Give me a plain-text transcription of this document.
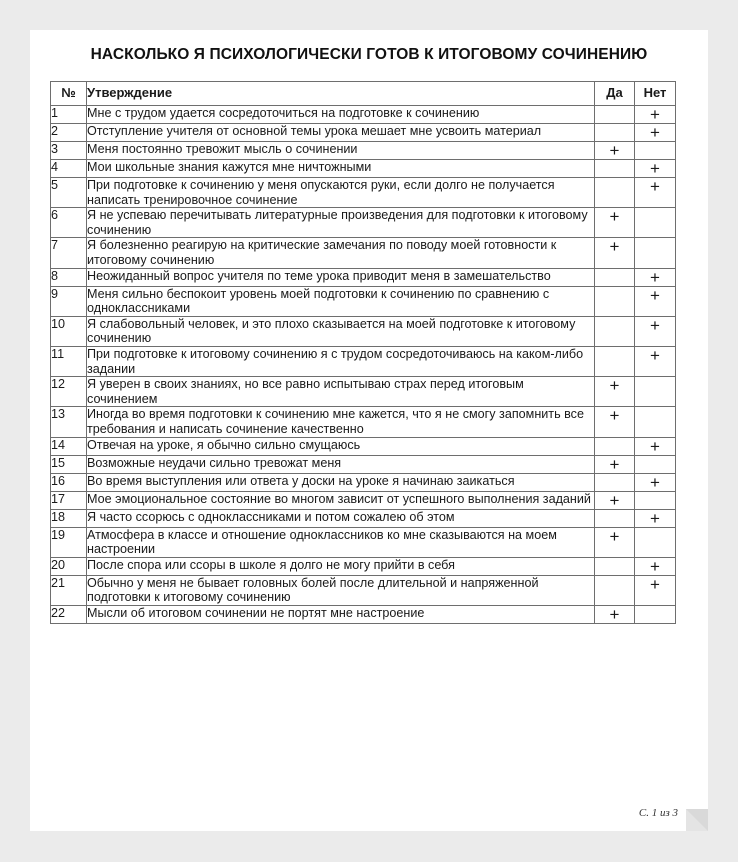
НАСКОЛЬКО Я ПСИХОЛОГИЧЕСКИ ГОТОВ К ИТОГОВОМУ СОЧИНЕНИЮ
№	Утверждение	Да	Нет
1	Мне с трудом удается сосредоточиться на подготовке к сочинению		+
2	Отступление учителя от основной темы урока мешает мне усвоить материал		+
3	Меня постоянно тревожит мысль о сочинении	+	
4	Мои школьные знания кажутся мне ничтожными		+
5	При подготовке к сочинению у меня опускаются руки, если долго не получается написать тренировочное сочинение		+
6	Я не успеваю перечитывать литературные произведения для подготовки к итоговому сочинению	+	
7	Я болезненно реагирую на критические замечания по поводу моей готовности к итоговому сочинению	+	
8	Неожиданный вопрос учителя по теме урока приводит меня в замешательство		+
9	Меня сильно беспокоит уровень моей подготовки к сочинению по сравнению с одноклассниками		+
10	Я слабовольный человек, и это плохо сказывается на моей подготовке к итоговому сочинению		+
11	При подготовке к итоговому сочинению я с трудом сосредоточиваюсь на каком-либо задании		+
12	Я уверен в своих знаниях, но все равно испытываю страх перед итоговым сочинением	+	
13	Иногда во время подготовки к сочинению мне кажется, что я не смогу запомнить все требования и написать сочинение качественно	+	
14	Отвечая на уроке, я обычно сильно смущаюсь		+
15	Возможные неудачи сильно тревожат меня	+	
16	Во время выступления или ответа у доски на уроке я начинаю заикаться		+
17	Мое эмоциональное состояние во многом зависит от успешного выполнения заданий	+	
18	Я часто ссорюсь с одноклассниками и потом сожалею об этом		+
19	Атмосфера в классе и отношение одноклассников ко мне сказываются на моем настроении	+	
20	После спора или ссоры в школе я долго не могу прийти в себя		+
21	Обычно у меня не бывает головных болей после длительной и напряженной подготовки к итоговому сочинению		+
22	Мысли об итоговом сочинении не портят мне настроение	+	
С. 1 из 3
